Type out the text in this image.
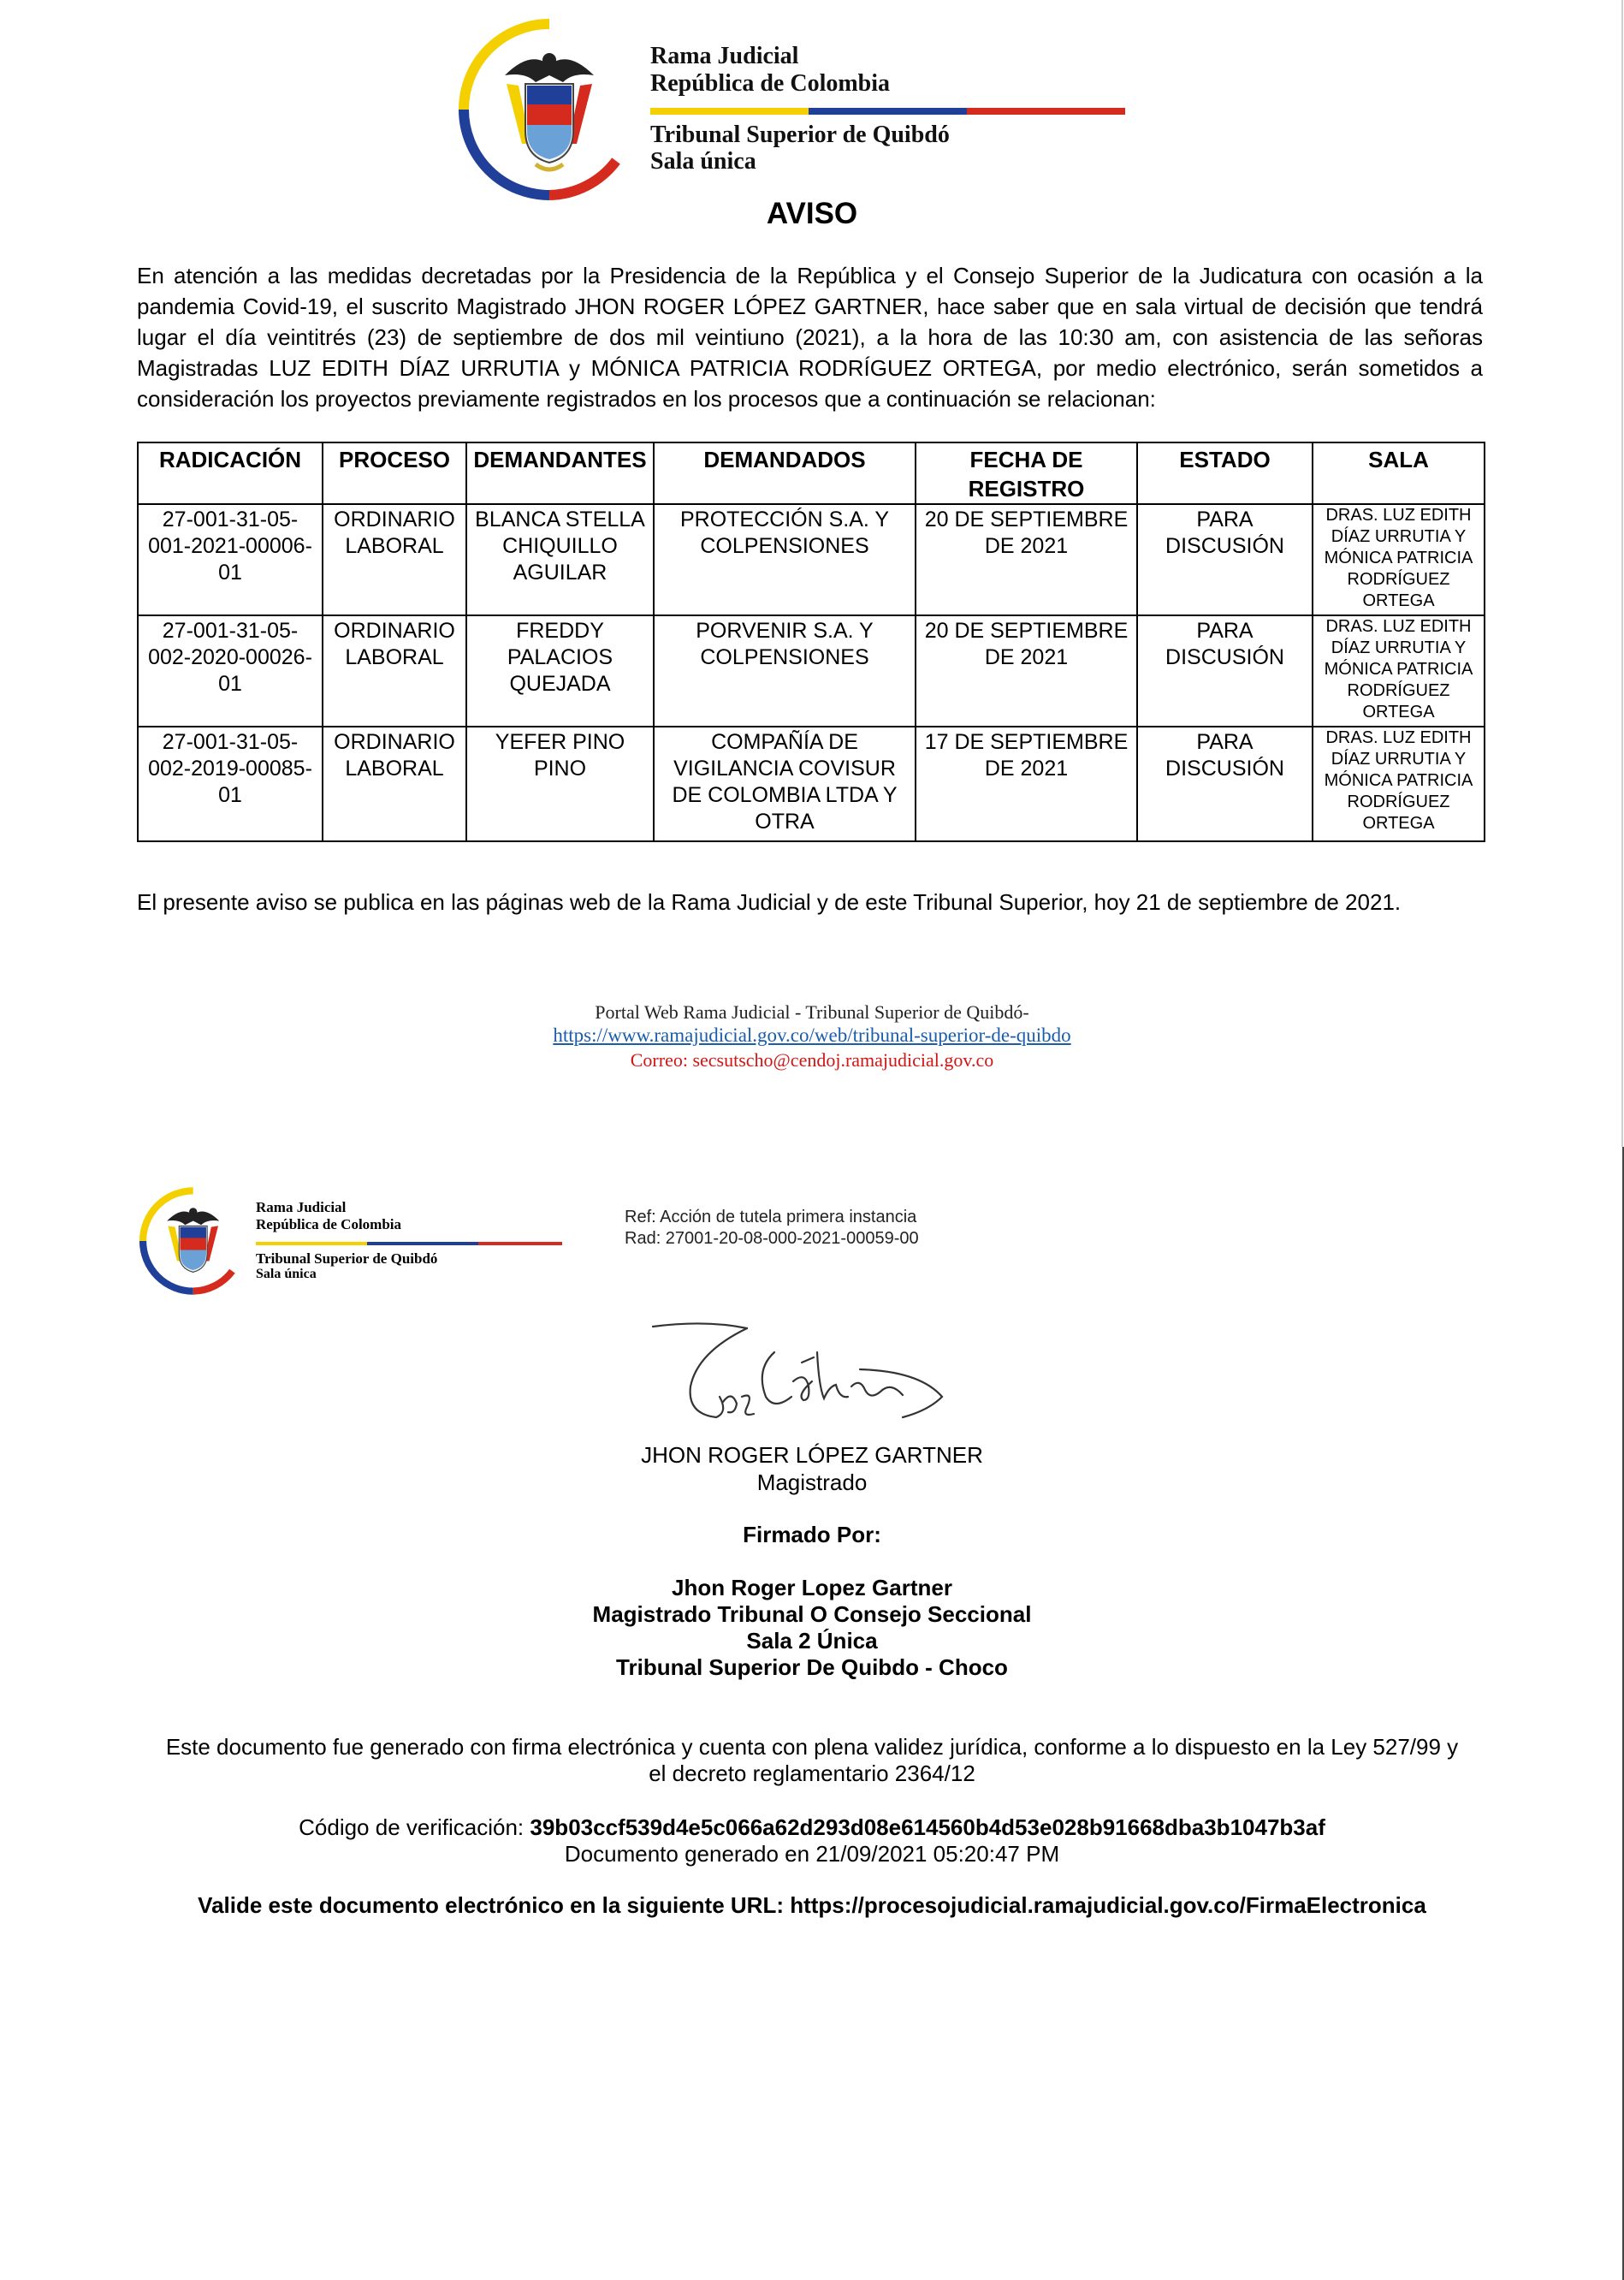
Rama Judicial
República de Colombia
Tribunal Superior de Quibdó
Sala única
AVISO
En atención a las medidas decretadas por la Presidencia de la República y el Consejo Superior de la Judicatura con ocasión a la pandemia Covid-19, el suscrito Magistrado JHON ROGER LÓPEZ GARTNER, hace saber que en sala virtual de decisión que tendrá lugar el día veintitrés (23) de septiembre de dos mil veintiuno (2021), a la hora de las 10:30 am, con asistencia de las señoras Magistradas LUZ EDITH DÍAZ URRUTIA y MÓNICA PATRICIA RODRÍGUEZ ORTEGA, por medio electrónico, serán sometidos a consideración los proyectos previamente registrados en los procesos que a continuación se relacionan:
RADICACIÓN	PROCESO	DEMANDANTES	DEMANDADOS	FECHA DE REGISTRO	ESTADO	SALA
27-001-31-05-001-2021-00006-01	ORDINARIO LABORAL	BLANCA STELLA CHIQUILLO AGUILAR	PROTECCIÓN S.A. Y COLPENSIONES	20 DE SEPTIEMBRE DE 2021	PARA DISCUSIÓN	DRAS. LUZ EDITH DÍAZ URRUTIA Y MÓNICA PATRICIA RODRÍGUEZ ORTEGA
27-001-31-05-002-2020-00026-01	ORDINARIO LABORAL	FREDDY PALACIOS QUEJADA	PORVENIR S.A. Y COLPENSIONES	20 DE SEPTIEMBRE DE 2021	PARA DISCUSIÓN	DRAS. LUZ EDITH DÍAZ URRUTIA Y MÓNICA PATRICIA RODRÍGUEZ ORTEGA
27-001-31-05-002-2019-00085-01	ORDINARIO LABORAL	YEFER PINO PINO	COMPAÑÍA DE VIGILANCIA COVISUR DE COLOMBIA LTDA Y OTRA	17 DE SEPTIEMBRE DE 2021	PARA DISCUSIÓN	DRAS. LUZ EDITH DÍAZ URRUTIA Y MÓNICA PATRICIA RODRÍGUEZ ORTEGA
El presente aviso se publica en las páginas web de la Rama Judicial y de este Tribunal Superior, hoy 21 de septiembre de 2021.
Portal Web Rama Judicial - Tribunal Superior de Quibdó-
https://www.ramajudicial.gov.co/web/tribunal-superior-de-quibdo
Correo: secsutscho@cendoj.ramajudicial.gov.co
Rama Judicial
República de Colombia
Tribunal Superior de Quibdó
Sala única
Ref: Acción de tutela primera instancia
Rad: 27001-20-08-000-2021-00059-00
JHON ROGER LÓPEZ GARTNER
Magistrado
Firmado Por:
Jhon Roger Lopez Gartner
Magistrado Tribunal O Consejo Seccional
Sala 2 Única
Tribunal Superior De Quibdo - Choco
Este documento fue generado con firma electrónica y cuenta con plena validez jurídica, conforme a lo dispuesto en la Ley 527/99 y
el decreto reglamentario 2364/12
Código de verificación: 39b03ccf539d4e5c066a62d293d08e614560b4d53e028b91668dba3b1047b3af
Documento generado en 21/09/2021 05:20:47 PM
Valide este documento electrónico en la siguiente URL: https://procesojudicial.ramajudicial.gov.co/FirmaElectronica
